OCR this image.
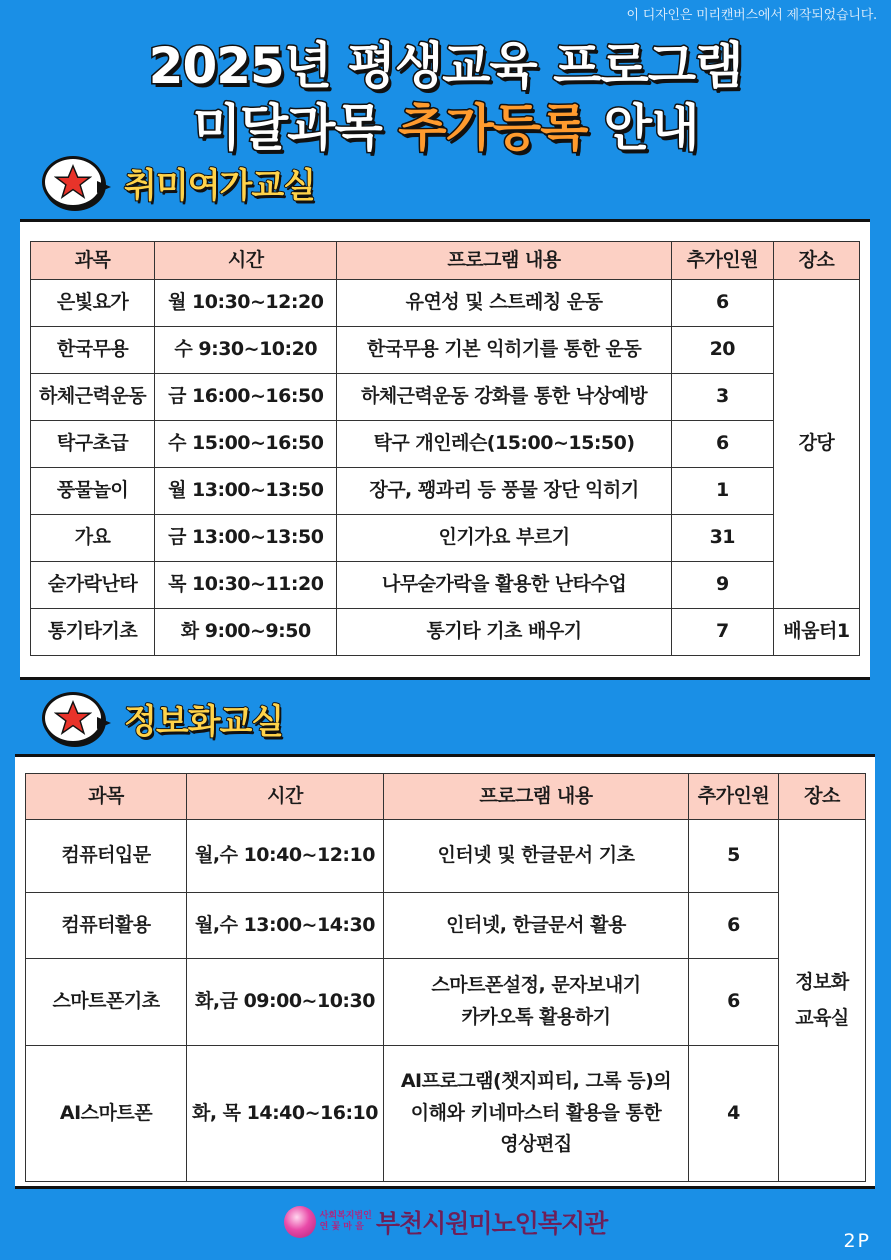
이 디자인은 미리캔버스에서 제작되었습니다.
2025년 평생교육 프로그램
미달과목 추가등록 안내
취미여가교실
과목	시간	프로그램 내용	추가인원	장소
은빛요가	월 10:30~12:20	유연성 및 스트레칭 운동	6	강당
한국무용	수 9:30~10:20	한국무용 기본 익히기를 통한 운동	20	
하체근력운동	금 16:00~16:50	하체근력운동 강화를 통한 낙상예방	3	
탁구초급	수 15:00~16:50	탁구 개인레슨(15:00~15:50)	6	
풍물놀이	월 13:00~13:50	장구, 꽹과리 등 풍물 장단 익히기	1	
가요	금 13:00~13:50	인기가요 부르기	31	
숟가락난타	목 10:30~11:20	나무숟가락을 활용한 난타수업	9	
통기타기초	화 9:00~9:50	통기타 기초 배우기	7	배움터1
정보화교실
과목	시간	프로그램 내용	추가인원	장소
컴퓨터입문	월,수 10:40~12:10	인터넷 및 한글문서 기초	5	정보화
교육실

컴퓨터활용	월,수 13:00~14:30	인터넷, 한글문서 활용	6	
스마트폰기초	화,금 09:00~10:30	스마트폰설정, 문자보내기
카카오톡 활용하기	6	
AI스마트폰	화, 목 14:40~16:10	AI프로그램(챗지피티, 그록 등)의
이해와 키네마스터 활용을 통한
영상편집	4	
사회복지법인
연 꽃 마 을 부천시원미노인복지관
2P
